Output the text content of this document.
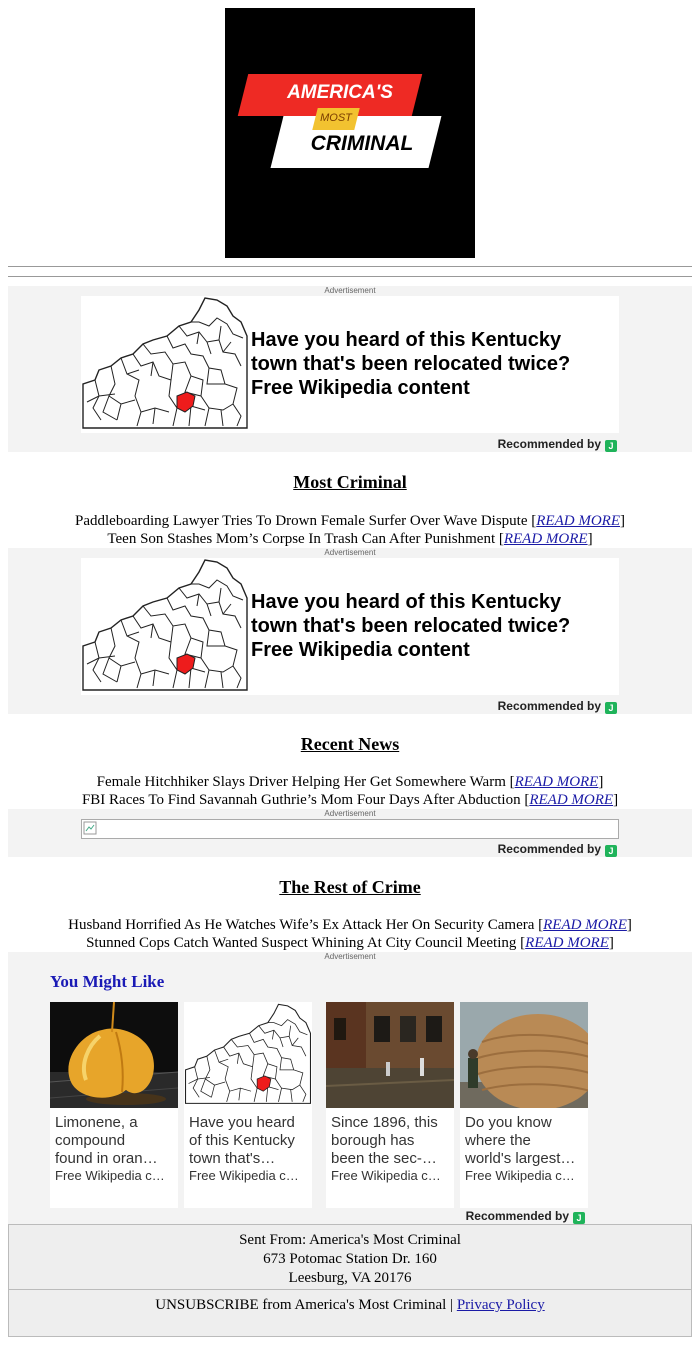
AMERICA'S
MOST
CRIMINAL
Advertisement
Have you heard of this Kentucky
town that's been relocated twice?
Free Wikipedia content
Recommended by J
Most Criminal
Paddleboarding Lawyer Tries To Drown Female Surfer Over Wave Dispute [READ MORE]
Teen Son Stashes Mom’s Corpse In Trash Can After Punishment [READ MORE]
Advertisement
Have you heard of this Kentucky
town that's been relocated twice?
Free Wikipedia content
Recommended by J
Recent News
Female Hitchhiker Slays Driver Helping Her Get Somewhere Warm [READ MORE]
FBI Races To Find Savannah Guthrie’s Mom Four Days After Abduction [READ MORE]
Advertisement
Recommended by J
The Rest of Crime
Husband Horrified As He Watches Wife’s Ex Attack Her On Security Camera [READ MORE]
Stunned Cops Catch Wanted Suspect Whining At City Council Meeting [READ MORE]
Advertisement
You Might Like
Limonene, a
compound
found in oran…
Free Wikipedia c…
Have you heard
of this Kentucky
town that's…
Free Wikipedia c…
Since 1896, this
borough has
been the sec-…
Free Wikipedia c…
Do you know
where the
world's largest…
Free Wikipedia c…
Recommended by J
Sent From: America's Most Criminal
673 Potomac Station Dr. 160
Leesburg, VA 20176
UNSUBSCRIBE from America's Most Criminal | Privacy Policy
